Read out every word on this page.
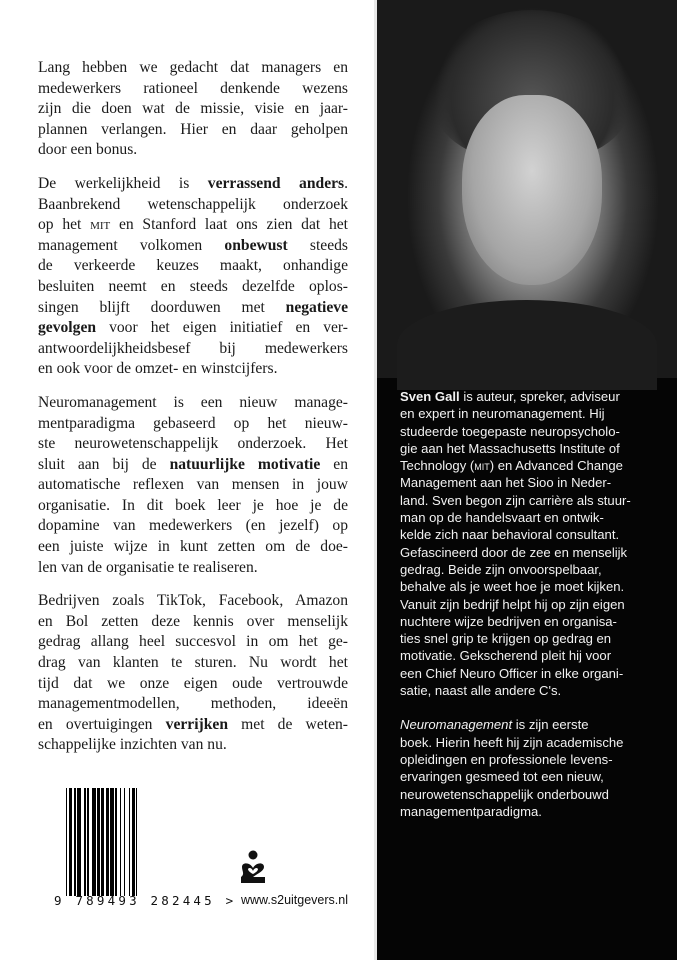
Lang hebben we gedacht dat managers en
medewerkers rationeel denkende wezens
zijn die doen wat de missie, visie en jaar-
plannen verlangen. Hier en daar geholpen
door een bonus.
De werkelijkheid is verrassend anders.
Baanbrekend wetenschappelijk onderzoek
op het mit en Stanford laat ons zien dat het
management volkomen onbewust steeds
de verkeerde keuzes maakt, onhandige
besluiten neemt en steeds dezelfde oplos-
singen blijft doorduwen met negatieve
gevolgen voor het eigen initiatief en ver-
antwoordelijkheidsbesef bij medewerkers
en ook voor de omzet- en winstcijfers.
Neuromanagement is een nieuw manage-
mentparadigma gebaseerd op het nieuw-
ste neurowetenschappelijk onderzoek. Het
sluit aan bij de natuurlijke motivatie en
automatische reflexen van mensen in jouw
organisatie. In dit boek leer je hoe je de
dopamine van medewerkers (en jezelf) op
een juiste wijze in kunt zetten om de doe-
len van de organisatie te realiseren.
Bedrijven zoals TikTok, Facebook, Amazon
en Bol zetten deze kennis over menselijk
gedrag allang heel succesvol in om het ge-
drag van klanten te sturen. Nu wordt het
tijd dat we onze eigen oude vertrouwde
managementmodellen, methoden, ideeën
en overtuigingen verrijken met de weten-
schappelijke inzichten van nu.
Sven Gall is auteur, spreker, adviseur
en expert in neuromanagement. Hij
studeerde toegepaste neuropsycholo-
gie aan het Massachusetts Institute of
Technology (mit) en Advanced Change
Management aan het Sioo in Neder-
land. Sven begon zijn carrière als stuur-
man op de handelsvaart en ontwik-
kelde zich naar behavioral consultant.
Gefascineerd door de zee en menselijk
gedrag. Beide zijn onvoorspelbaar,
behalve als je weet hoe je moet kijken.
Vanuit zijn bedrijf helpt hij op zijn eigen
nuchtere wijze bedrijven en organisa-
ties snel grip te krijgen op gedrag en
motivatie. Gekscherend pleit hij voor
een Chief Neuro Officer in elke organi-
satie, naast alle andere C's.
Neuromanagement is zijn eerste
boek. Hierin heeft hij zijn academische
opleidingen en professionele levens-
ervaringen gesmeed tot een nieuw,
neurowetenschappelijk onderbouwd
managementparadigma.
9 789493 282445 > www.s2uitgevers.nl
